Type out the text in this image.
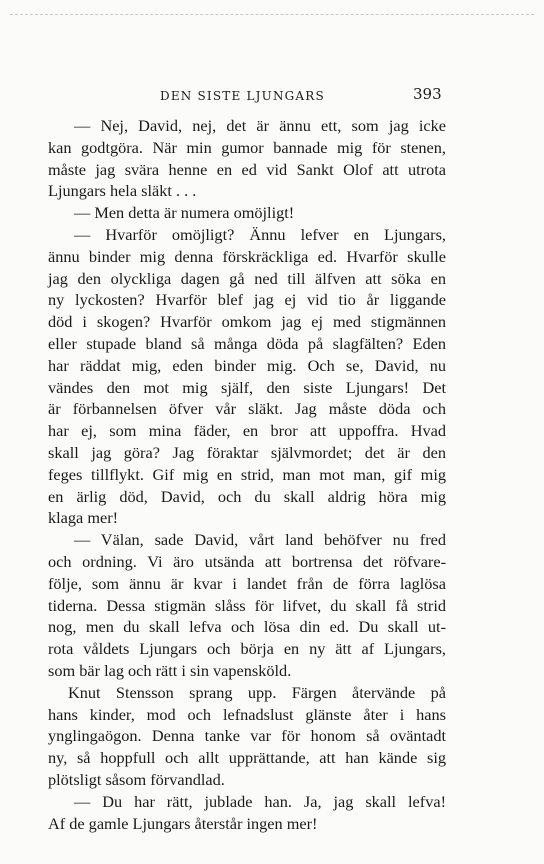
DEN SISTE LJUNGARS	393
— Nej, David, nej, det är ännu ett, som jag icke
kan godtgöra. När min gumor bannade mig för stenen,
måste jag svära henne en ed vid Sankt Olof att utrota
Ljungars hela släkt . . .
— Men detta är numera omöjligt!
— Hvarför omöjligt? Ännu lefver en Ljungars,
ännu binder mig denna förskräckliga ed. Hvarför skulle
jag den olyckliga dagen gå ned till älfven att söka en
ny lyckosten? Hvarför blef jag ej vid tio år liggande
död i skogen? Hvarför omkom jag ej med stigmännen
eller stupade bland så många döda på slagfälten? Eden
har räddat mig, eden binder mig. Och se, David, nu
vändes den mot mig själf, den siste Ljungars! Det
är förbannelsen öfver vår släkt. Jag måste döda och
har ej, som mina fäder, en bror att uppoffra. Hvad
skall jag göra? Jag föraktar självmordet; det är den
feges tillflykt. Gif mig en strid, man mot man, gif mig
en ärlig död, David, och du skall aldrig höra mig
klaga mer!
— Välan, sade David, vårt land behöfver nu fred
och ordning. Vi äro utsända att bortrensa det röfvare-
följe, som ännu är kvar i landet från de förra laglösa
tiderna. Dessa stigmän slåss för lifvet, du skall få strid
nog, men du skall lefva och lösa din ed. Du skall ut-
rota våldets Ljungars och börja en ny ätt af Ljungars,
som bär lag och rätt i sin vapensköld.
Knut Stensson sprang upp. Färgen återvände på
hans kinder, mod och lefnadslust glänste åter i hans
ynglingaögon. Denna tanke var för honom så oväntadt
ny, så hoppfull och allt upprättande, att han kände sig
plötsligt såsom förvandlad.
— Du har rätt, jublade han. Ja, jag skall lefva!
Af de gamle Ljungars återstår ingen mer!
